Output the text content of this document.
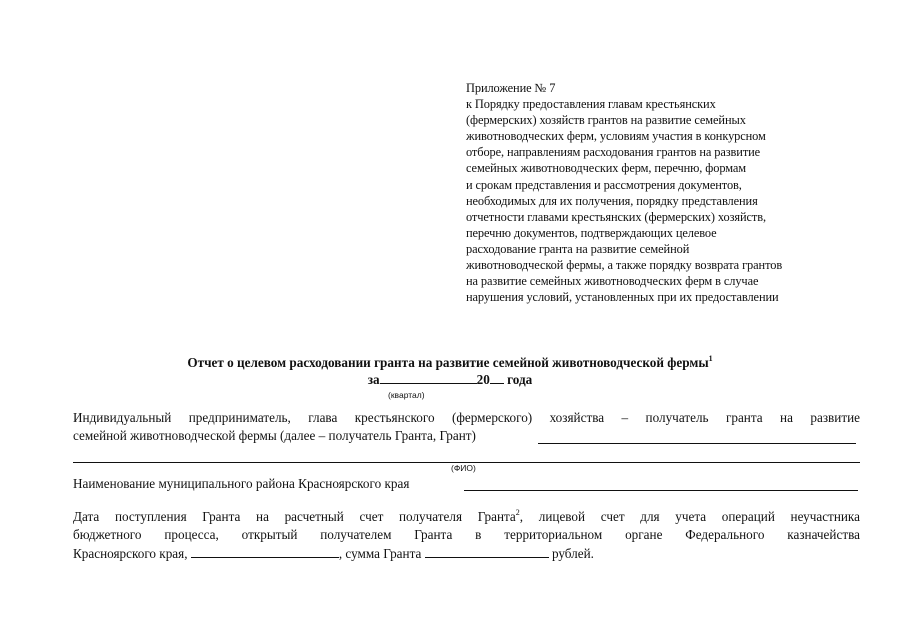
Приложение № 7
к Порядку предоставления главам крестьянских
(фермерских) хозяйств грантов на развитие семейных
животноводческих ферм, условиям участия в конкурсном
отборе, направлениям расходования грантов на развитие
семейных животноводческих ферм, перечню, формам
и срокам представления и рассмотрения документов,
необходимых для их получения, порядку представления
отчетности главами крестьянских (фермерских) хозяйств,
перечню документов, подтверждающих целевое
расходование гранта на развитие семейной
животноводческой фермы, а также порядку возврата грантов
на развитие семейных животноводческих ферм в случае
нарушения условий, установленных при их предоставлении
Отчет о целевом расходовании гранта на развитие семейной животноводческой фермы$^1$
за	20 года
(квартал)
Индивидуальный предприниматель, глава крестьянского (фермерского) хозяйства – получатель гранта на развитие
семейной животноводческой фермы (далее – получатель Гранта, Грант)
(ФИО)
Наименование муниципального района Красноярского края
Дата поступления Гранта на расчетный счет получателя Гранта$^2$, лицевой счет для учета операций неучастника
бюджетного процесса, открытый получателем Гранта в территориальном органе Федерального казначейства
Красноярского края,	, сумма Гранта	рублей.
